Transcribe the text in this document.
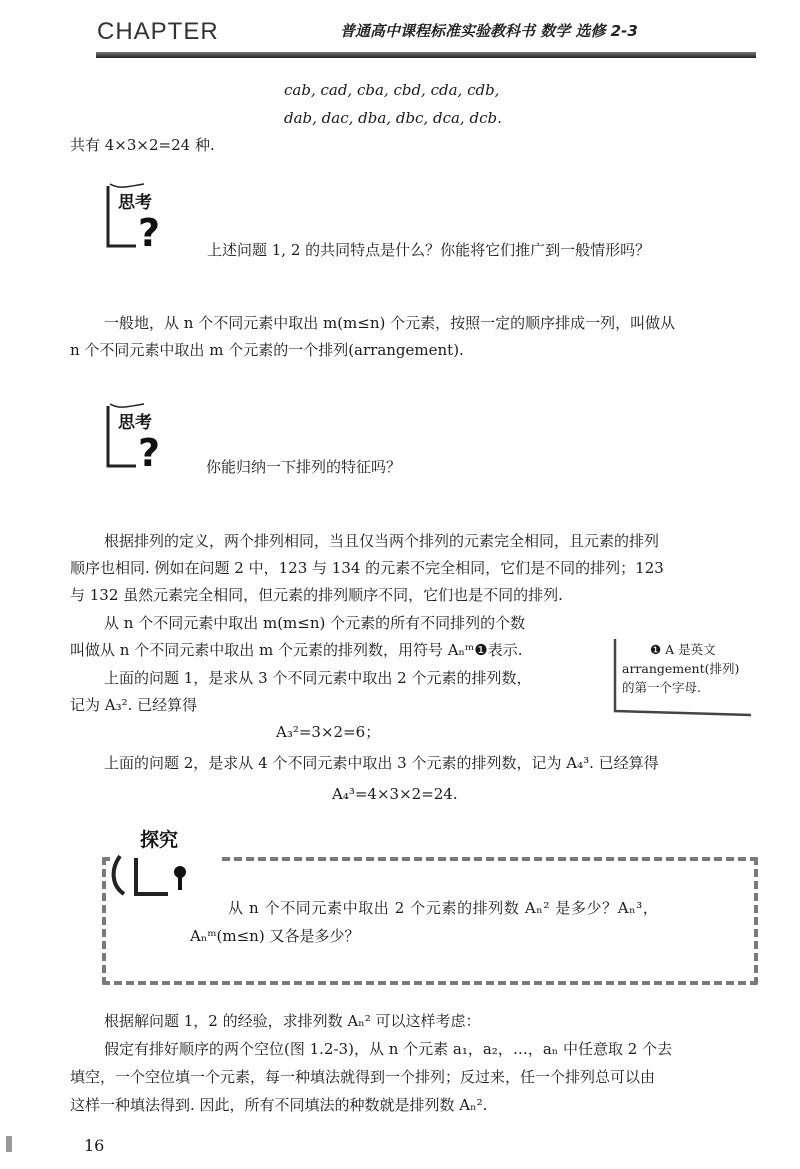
CHAPTER	普通高中课程标准实验教科书 数学 选修 2-3
cab, cad, cba, cbd, cda, cdb,
dab, dac, dba, dbc, dca, dcb.
共有 4×3×2=24 种.
思考
?	上述问题 1, 2 的共同特点是什么？你能将它们推广到一般情形吗？
一般地，从 n 个不同元素中取出 m(m≤n) 个元素，按照一定的顺序排成一列，叫做从
n 个不同元素中取出 m 个元素的一个排列(arrangement).
思考
?	你能归纳一下排列的特征吗？
根据排列的定义，两个排列相同，当且仅当两个排列的元素完全相同，且元素的排列
顺序也相同. 例如在问题 2 中，123 与 134 的元素不完全相同，它们是不同的排列；123
与 132 虽然元素完全相同，但元素的排列顺序不同，它们也是不同的排列.
从 n 个不同元素中取出 m(m≤n) 个元素的所有不同排列的个数
叫做从 n 个不同元素中取出 m 个元素的排列数，用符号 Aₙᵐ❶表示.
上面的问题 1，是求从 3 个不同元素中取出 2 个元素的排列数，
记为 A₃². 已经算得
A₃²=3×2=6；
上面的问题 2，是求从 4 个不同元素中取出 3 个元素的排列数，记为 A₄³. 已经算得
A₄³=4×3×2=24.
❶ A 是英文
arrangement(排列)
的第一个字母.
探究
从 n 个不同元素中取出 2 个元素的排列数 Aₙ² 是多少？Aₙ³，
Aₙᵐ(m≤n) 又各是多少？
根据解问题 1，2 的经验，求排列数 Aₙ² 可以这样考虑：
假定有排好顺序的两个空位(图 1.2-3)，从 n 个元素 a₁，a₂，…，aₙ 中任意取 2 个去
填空，一个空位填一个元素，每一种填法就得到一个排列；反过来，任一个排列总可以由
这样一种填法得到. 因此，所有不同填法的种数就是排列数 Aₙ².
16
